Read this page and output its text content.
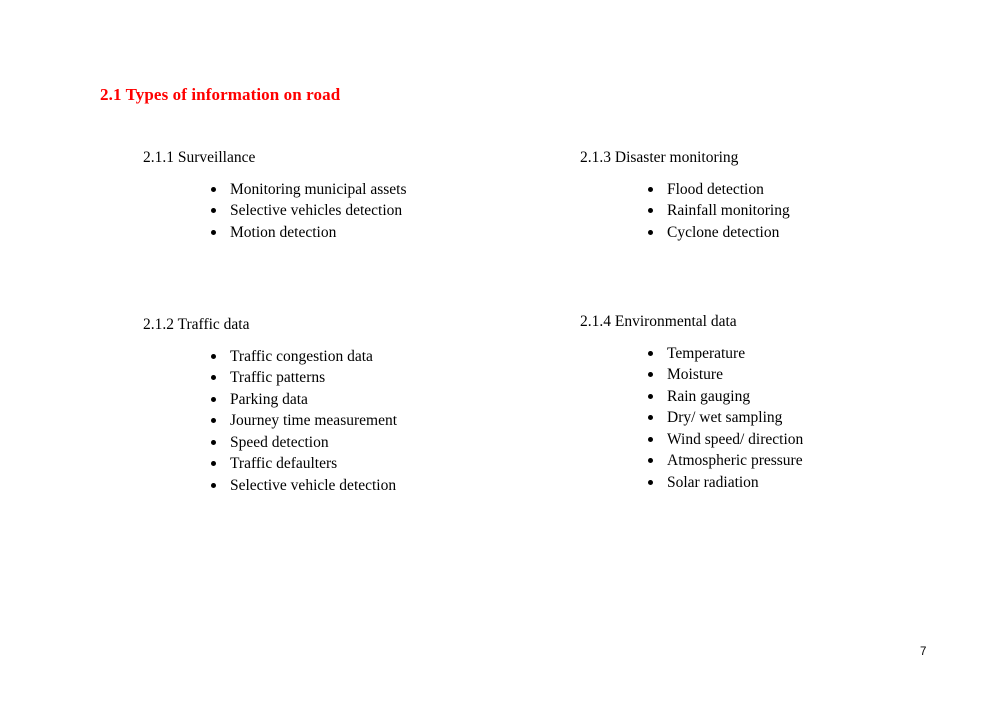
2.1 Types of information on road
2.1.1 Surveillance
Monitoring municipal assets
Selective vehicles detection
Motion detection
2.1.3 Disaster monitoring
Flood detection
Rainfall monitoring
Cyclone detection
2.1.2 Traffic data
Traffic congestion data
Traffic patterns
Parking data
Journey time measurement
Speed detection
Traffic defaulters
Selective vehicle detection
2.1.4 Environmental data
Temperature
Moisture
Rain gauging
Dry/ wet sampling
Wind speed/ direction
Atmospheric pressure
Solar radiation
7
